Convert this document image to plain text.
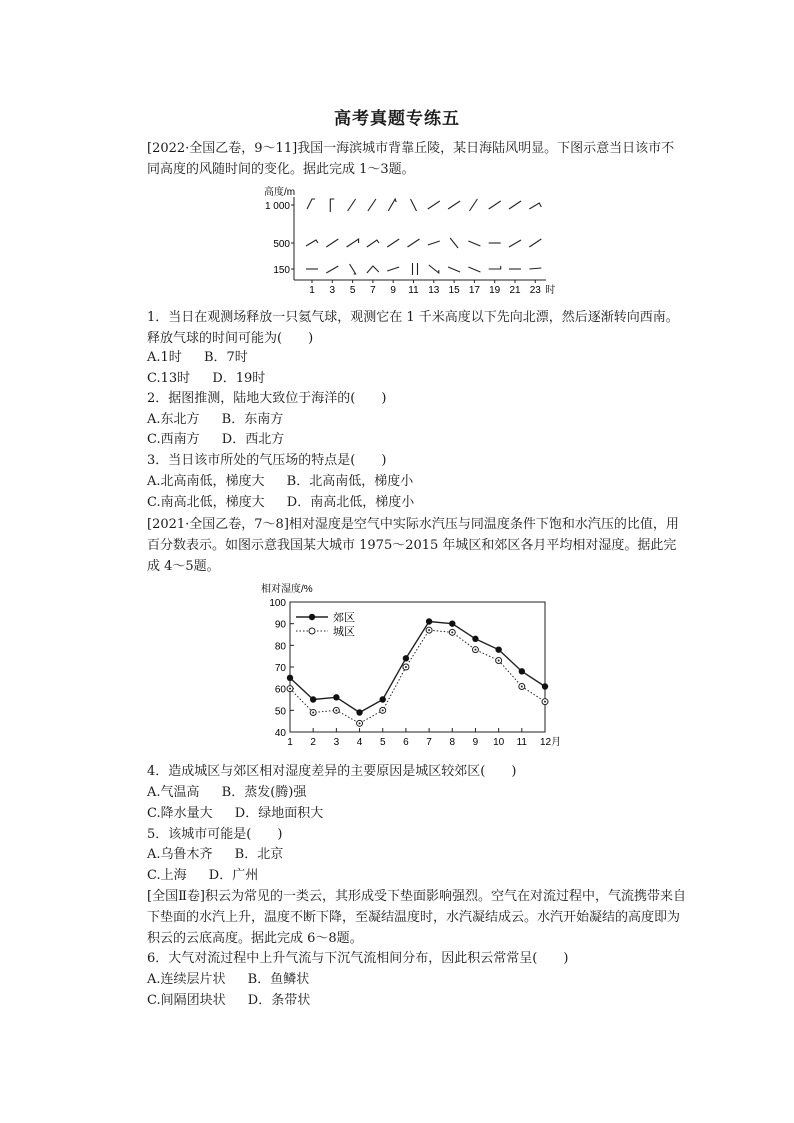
高考真题专练五
[2022·全国乙卷，9～11]我国一海滨城市背靠丘陵，某日海陆风明显。下图示意当日该市不同高度的风随时间的变化。据此完成 1～3题。
高度/m
1 000
500
150
1 3 5 7 9 11 13 15 17 19 21 23 时
1．当日在观测场释放一只氦气球，观测它在 1 千米高度以下先向北漂，然后逐渐转向西南。释放气球的时间可能为(　　)
A.1时 B．7时
C.13时 D．19时
2．据图推测，陆地大致位于海洋的(　　)
A.东北方 B．东南方
C.西南方 D．西北方
3．当日该市所处的气压场的特点是(　　)
A.北高南低，梯度大 B．北高南低，梯度小
C.南高北低，梯度大 D．南高北低，梯度小
[2021·全国乙卷，7～8]相对湿度是空气中实际水汽压与同温度条件下饱和水汽压的比值，用百分数表示。如图示意我国某大城市 1975～2015 年城区和郊区各月平均相对湿度。据此完成 4～5题。
相对湿度/%
40
50
60
70
80
90
100
1 2 3 4 5 6 7 8 9 10 11 12月
郊区
城区
4．造成城区与郊区相对湿度差异的主要原因是城区较郊区(　　)
A.气温高 B．蒸发(腾)强
C.降水量大 D．绿地面积大
5．该城市可能是(　　)
A.乌鲁木齐 B．北京
C.上海 D．广州
[全国Ⅱ卷]积云为常见的一类云，其形成受下垫面影响强烈。空气在对流过程中，气流携带来自下垫面的水汽上升，温度不断下降，至凝结温度时，水汽凝结成云。水汽开始凝结的高度即为积云的云底高度。据此完成 6～8题。
6．大气对流过程中上升气流与下沉气流相间分布，因此积云常常呈(　　)
A.连续层片状 B．鱼鳞状
C.间隔团块状 D．条带状
